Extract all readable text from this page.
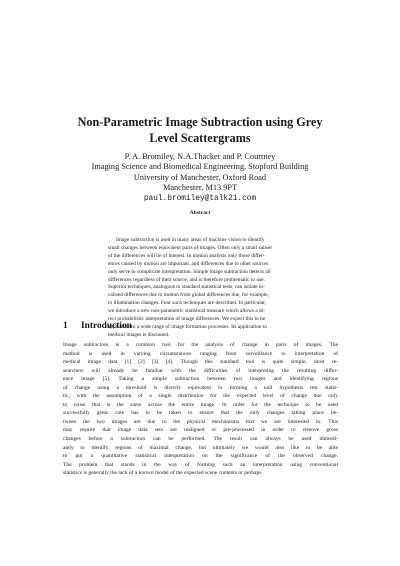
Non-Parametric Image Subtraction using Grey
Level Scattergrams
P. A. Bromiley, N.A.Thacker and P. Courtney
Imaging Science and Biomedical Engineering, Stopford Building
University of Manchester, Oxford Road
Manchester, M13 9PT
paul.bromiley@talk21.com
Abstract
Image subtraction is used in many areas of machine vision to identify
small changes between equivalent pairs of images. Often only a small subset
of the differences will be of interest. In motion analysis only those differ-
ences caused by motion are important, and differences due to other sources
only serve to complicate interpretation. Simple image subtraction detects all
differences regardless of their source, and is therefore problematic to use.
Superior techniques, analogous to standard statistical tests, can isolate lo-
calised differences due to motion from global differences due, for example,
to illumination changes. Four such techniques are described. In particular,
we introduce a new non-parametric statistical measure which allows a di-
rect probabilistic interpretation of image differences. We expect this to be
applicable to a wide range of image formation processes. Its application to
medical images is discussed.
1 Introduction
Image subtraction is a common tool for the analysis of change in pairs of images. The
method is used in varying circumstances ranging from surveillance to interpretation of
medical image data [1] [2] [3] [4]. Though this standard tool is quite simple, most re-
searchers will already be familiar with the difficulties of interpreting the resulting differ-
ence image [5]. Taking a simple subtraction between two images and identifying regions
of change using a threshold is directly equivalent to forming a null hypothesis test statis-
tic, with the assumption of a single distribution for the expected level of change due only
to noise that is the same across the entire image. In order for the technique to be used
successfully great care has to be taken to ensure that the only changes taking place be-
tween the two images are due to the physical mechanisms that we are interested in. This
may require that image data sets are realigned or pre-processed in order to remove gross
changes before a subtraction can be performed. The result can always be used immedi-
ately to identify regions of maximal change, but ultimately we would also like to be able
to put a quantitative statistical interpretation on the significance of the observed change.
The problem that stands in the way of forming such an interpretation using conventional
statistics is generally the lack of a known model of the expected scene contents or perhaps
